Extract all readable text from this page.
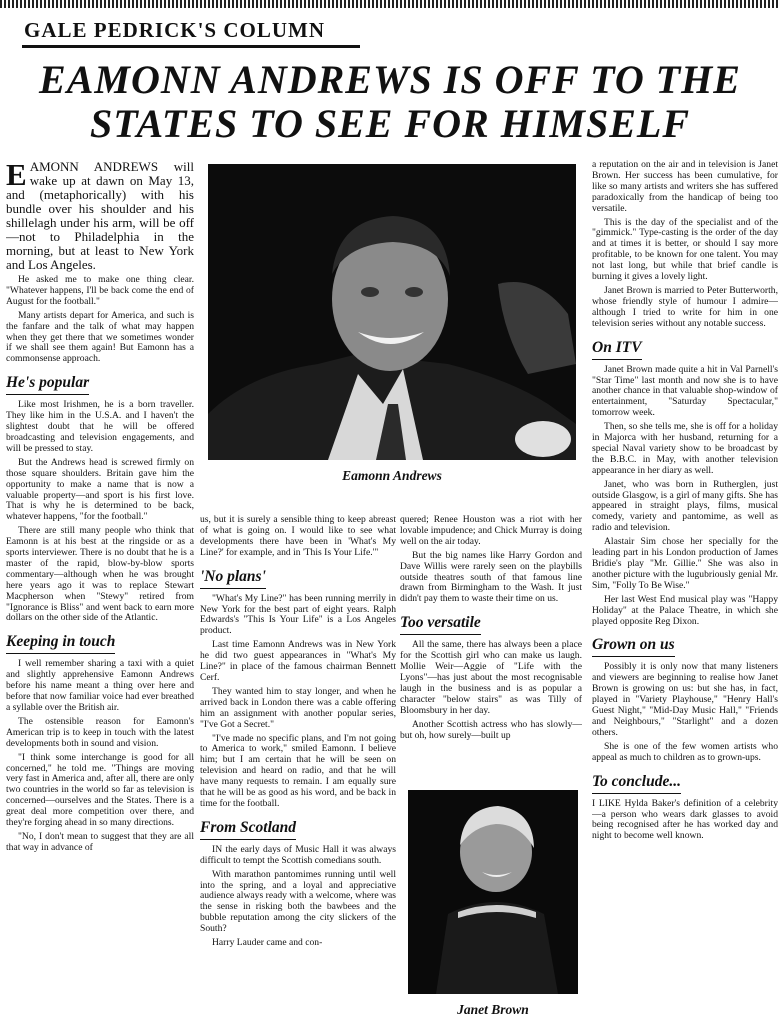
GALE PEDRICK'S COLUMN
EAMONN ANDREWS IS OFF TO THE
STATES TO SEE FOR HIMSELF

EAMONN ANDREWS will wake up at dawn on May 13, and (metaphorically) with his bundle over his shoulder and his shillelagh under his arm, will be off—not to Philadelphia in the morning, but at least to New York and Los Angeles.

He asked me to make one thing clear. "Whatever happens, I'll be back come the end of August for the football."

Many artists depart for America, and such is the fanfare and the talk of what may happen when they get there that we sometimes wonder if we shall see them again! But Eamonn has a commonsense approach.

He's popular

Like most Irishmen, he is a born traveller. They like him in the U.S.A. and I haven't the slightest doubt that he will be offered broadcasting and television engagements, and will be pressed to stay.

But the Andrews head is screwed firmly on those square shoulders. Britain gave him the opportunity to make a name that is now a valuable property—and sport is his first love. That is why he is determined to be back, whatever happens, "for the football."

There are still many people who think that Eamonn is at his best at the ringside or as a sports interviewer. There is no doubt that he is a master of the rapid, blow-by-blow sports commentary—although when he was brought here years ago it was to replace Stewart Macpherson when "Stewy" retired from "Ignorance is Bliss" and went back to earn more dollars on the other side of the Atlantic.

Keeping in touch

I well remember sharing a taxi with a quiet and slightly apprehensive Eamonn Andrews before his name meant a thing over here and before that now familiar voice had ever breathed a syllable over the British air.

The ostensible reason for Eamonn's American trip is to keep in touch with the latest developments both in sound and vision.

"I think some interchange is good for all concerned," he told me. "Things are moving very fast in America and, after all, there are only two countries in the world so far as television is concerned—ourselves and the States. There is a great deal more competition over there, and they're forging ahead in so many directions.

"No, I don't mean to suggest that they are all that way in advance of

Eamonn Andrews

us, but it is surely a sensible thing to keep abreast of what is going on. I would like to see what developments there have been in 'What's My Line?' for example, and in 'This Is Your Life.'"

'No plans'

"What's My Line?" has been running merrily in New York for the best part of eight years. Ralph Edwards's "This Is Your Life" is a Los Angeles product.

Last time Eamonn Andrews was in New York he did two guest appearances in "What's My Line?" in place of the famous chairman Bennett Cerf.

They wanted him to stay longer, and when he arrived back in London there was a cable offering him an assignment with another popular series, "I've Got a Secret."

"I've made no specific plans, and I'm not going to America to work," smiled Eamonn. I believe him; but I am certain that he will be seen on television and heard on radio, and that he will have many requests to remain. I am equally sure that he will be as good as his word, and be back in time for the football.

From Scotland

IN the early days of Music Hall it was always difficult to tempt the Scottish comedians south.

With marathon pantomimes running until well into the spring, and a loyal and appreciative audience always ready with a welcome, where was the sense in risking both the bawbees and the bubble reputation among the city slickers of the South?

Harry Lauder came and con-

quered; Renee Houston was a riot with her lovable impudence; and Chick Murray is doing well on the air today.

But the big names like Harry Gordon and Dave Willis were rarely seen on the playbills outside theatres south of that famous line drawn from Birmingham to the Wash. It just didn't pay them to waste their time on us.

Too versatile

All the same, there has always been a place for the Scottish girl who can make us laugh. Mollie Weir—Aggie of "Life with the Lyons"—has just about the most recognisable laugh in the business and is as popular a character "below stairs" as was Tilly of Bloomsbury in her day.

Another Scottish actress who has slowly—but oh, how surely—built up

Janet Brown

a reputation on the air and in television is Janet Brown. Her success has been cumulative, for like so many artists and writers she has suffered paradoxically from the handicap of being too versatile.

This is the day of the specialist and of the "gimmick." Type-casting is the order of the day and at times it is better, or should I say more profitable, to be known for one talent. You may not last long, but while that brief candle is burning it gives a lovely light.

Janet Brown is married to Peter Butterworth, whose friendly style of humour I admire—although I tried to write for him in one television series without any notable success.

On ITV

Janet Brown made quite a hit in Val Parnell's "Star Time" last month and now she is to have another chance in that valuable shop-window of entertainment, "Saturday Spectacular," tomorrow week.

Then, so she tells me, she is off for a holiday in Majorca with her husband, returning for a special Naval variety show to be broadcast by the B.B.C. in May, with another television appearance in her diary as well.

Janet, who was born in Rutherglen, just outside Glasgow, is a girl of many gifts. She has appeared in straight plays, films, musical comedy, variety and pantomime, as well as radio and television.

Alastair Sim chose her specially for the leading part in his London production of James Bridie's play "Mr. Gillie." She was also in another picture with the lugubriously genial Mr. Sim, "Folly To Be Wise."

Her last West End musical play was "Happy Holiday" at the Palace Theatre, in which she played opposite Reg Dixon.

Grown on us

Possibly it is only now that many listeners and viewers are beginning to realise how Janet Brown is growing on us: but she has, in fact, played in "Variety Playhouse," "Henry Hall's Guest Night," "Mid-Day Music Hall," "Friends and Neighbours," "Starlight" and a dozen others.

She is one of the few women artists who appeal as much to children as to grown-ups.

To conclude...

I LIKE Hylda Baker's definition of a celebrity—a person who wears dark glasses to avoid being recognised after he has worked day and night to become well known.
